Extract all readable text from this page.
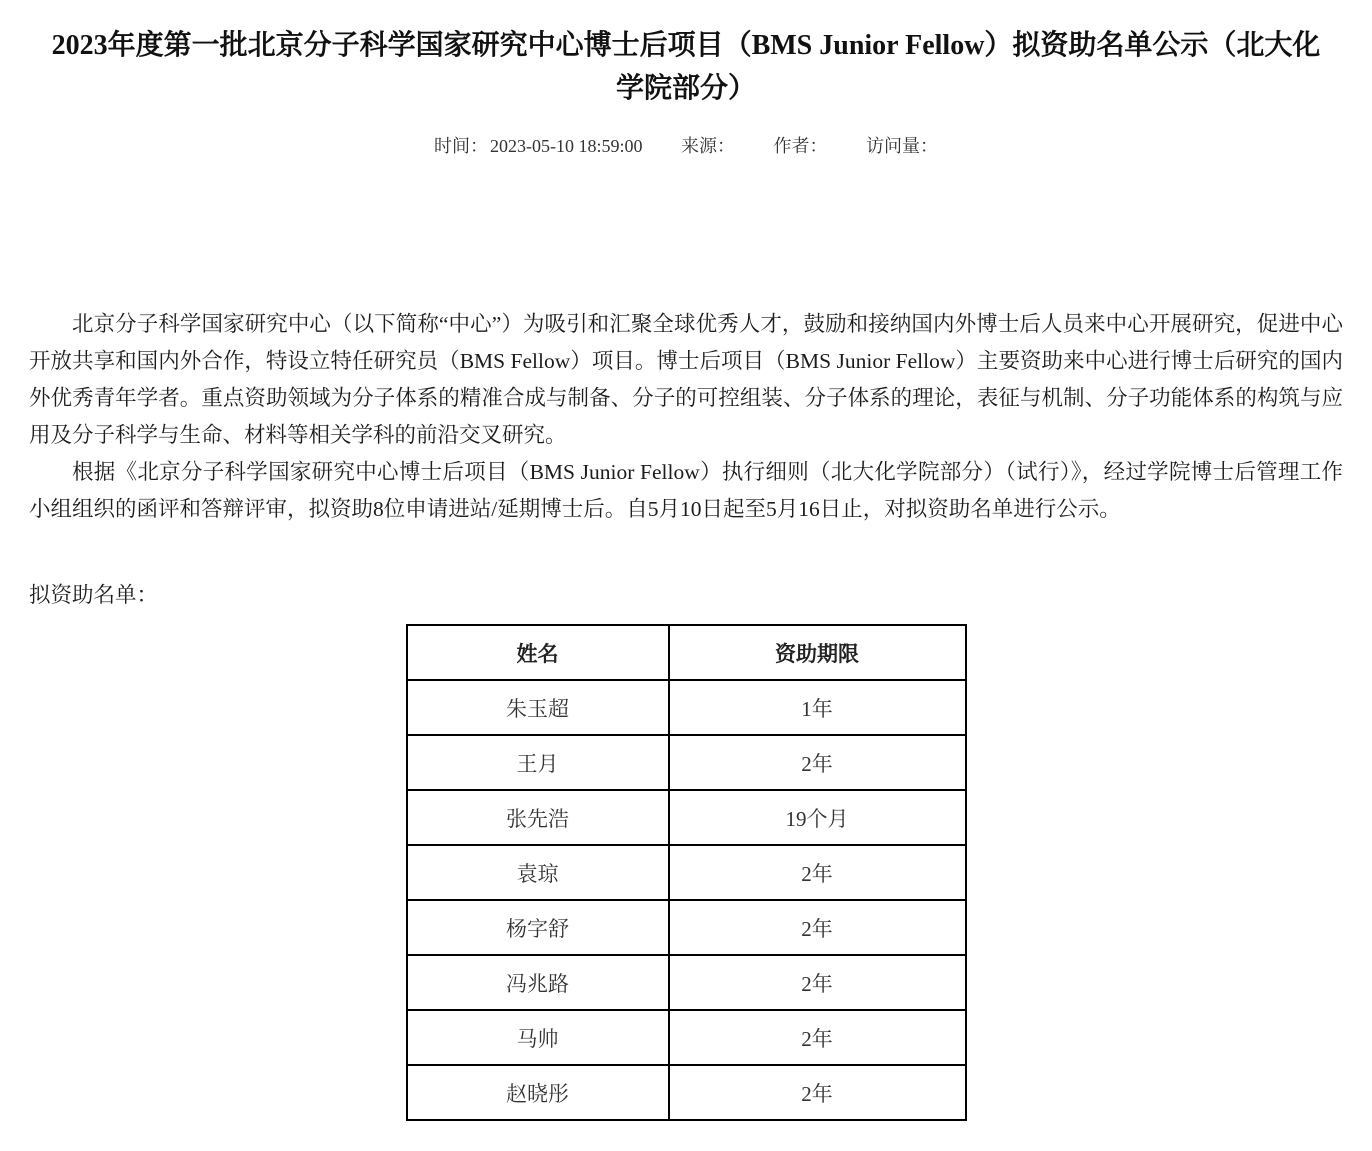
2023年度第一批北京分子科学国家研究中心博士后项目（BMS Junior Fellow）拟资助名单公示（北大化学院部分）
时间： 2023-05-10 18:59:00 来源： 作者： 访问量：

北京分子科学国家研究中心（以下简称“中心”）为吸引和汇聚全球优秀人才，鼓励和接纳国内外博士后人员来中心开展研究，促进中心开放共享和国内外合作，特设立特任研究员（BMS Fellow）项目。博士后项目（BMS Junior Fellow）主要资助来中心进行博士后研究的国内外优秀青年学者。重点资助领域为分子体系的精准合成与制备、分子的可控组装、分子体系的理论，表征与机制、分子功能体系的构筑与应用及分子科学与生命、材料等相关学科的前沿交叉研究。

根据《北京分子科学国家研究中心博士后项目（BMS Junior Fellow）执行细则（北大化学院部分）（试行）》，经过学院博士后管理工作小组组织的函评和答辩评审，拟资助8位申请进站/延期博士后。自5月10日起至5月16日止，对拟资助名单进行公示。

拟资助名单：
姓名	资助期限
朱玉超	1年
王月	2年
张先浩	19个月
袁琼	2年
杨字舒	2年
冯兆路	2年
马帅	2年
赵晓彤	2年
